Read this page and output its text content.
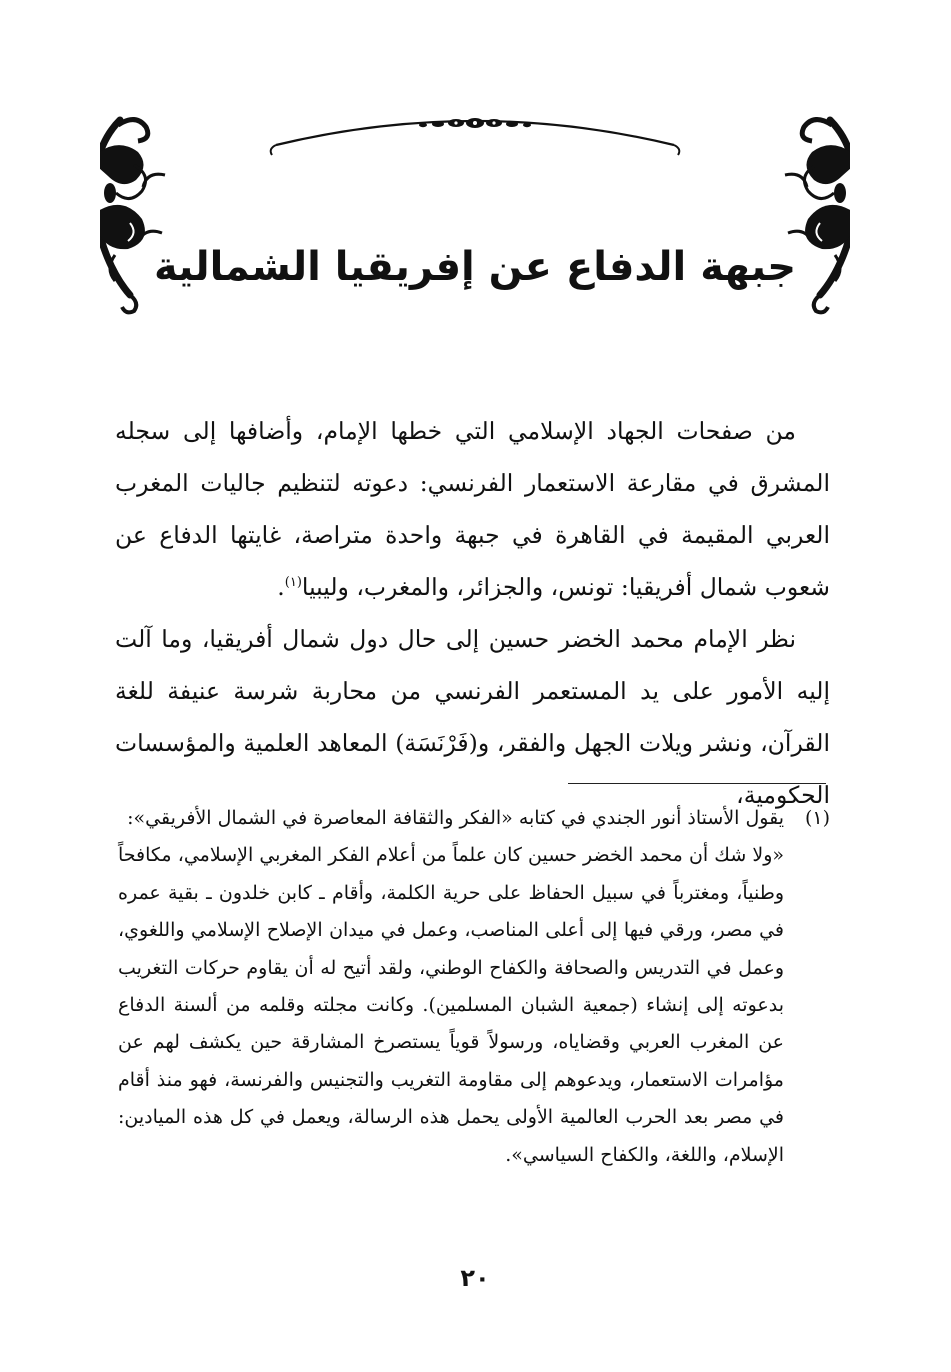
جبهة الدفاع عن إفريقيا الشمالية

من صفحات الجهاد الإسلامي التي خطها الإمام، وأضافها إلى سجله المشرق في مقارعة الاستعمار الفرنسي: دعوته لتنظيم جاليات المغرب العربي المقيمة في القاهرة في جبهة واحدة متراصة، غايتها الدفاع عن شعوب شمال أفريقيا: تونس، والجزائر، والمغرب، وليبيا$^{(١)}$.

نظر الإمام محمد الخضر حسين إلى حال دول شمال أفريقيا، وما آلت إليه الأمور على يد المستعمر الفرنسي من محاربة شرسة عنيفة للغة القرآن، ونشر ويلات الجهل والفقر، و(فَرْنَسَة) المعاهد العلمية والمؤسسات الحكومية،

(١)

يقول الأستاذ أنور الجندي في كتابه «الفكر والثقافة المعاصرة في الشمال الأفريقي»:

«ولا شك أن محمد الخضر حسين كان علماً من أعلام الفكر المغربي الإسلامي، مكافحاً وطنياً، ومغترباً في سبيل الحفاظ على حرية الكلمة، وأقام ـ كابن خلدون ـ بقية عمره في مصر، ورقي فيها إلى أعلى المناصب، وعمل في ميدان الإصلاح الإسلامي واللغوي، وعمل في التدريس والصحافة والكفاح الوطني، ولقد أتيح له أن يقاوم حركات التغريب بدعوته إلى إنشاء (جمعية الشبان المسلمين). وكانت مجلته وقلمه من ألسنة الدفاع عن المغرب العربي وقضاياه، ورسولاً قوياً يستصرخ المشارقة حين يكشف لهم عن مؤامرات الاستعمار، ويدعوهم إلى مقاومة التغريب والتجنيس والفرنسة، فهو منذ أقام في مصر بعد الحرب العالمية الأولى يحمل هذه الرسالة، ويعمل في كل هذه الميادين: الإسلام، واللغة، والكفاح السياسي».

٢٠
